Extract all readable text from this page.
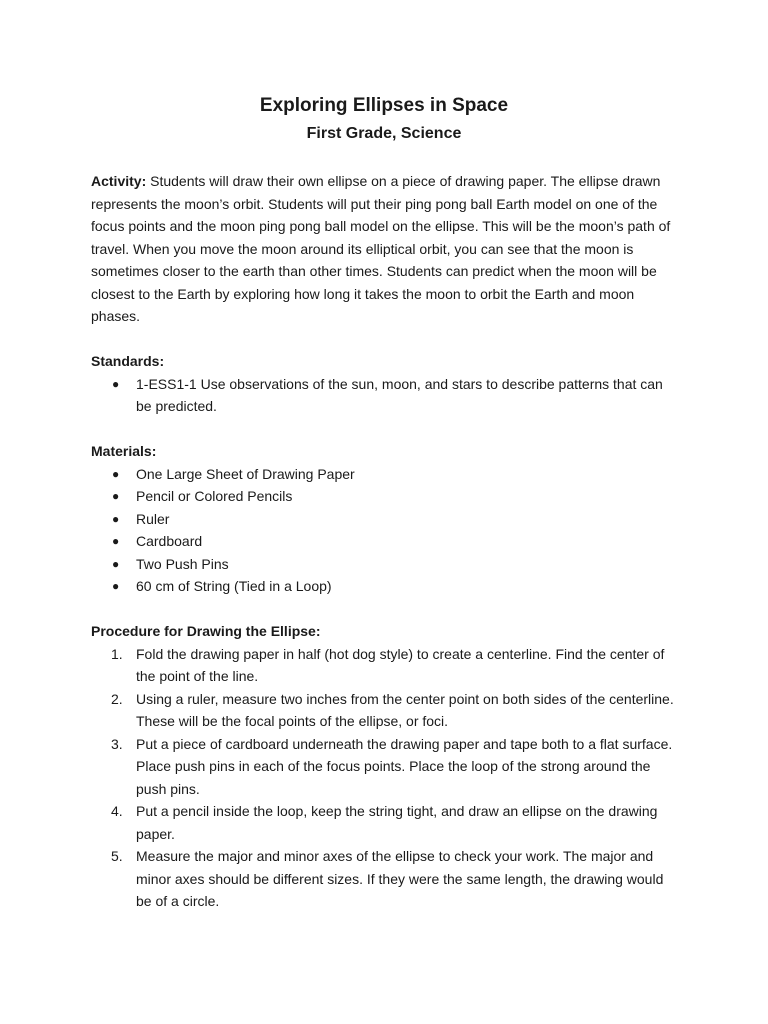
Exploring Ellipses in Space
First Grade, Science

Activity: Students will draw their own ellipse on a piece of drawing paper. The ellipse drawn represents the moon’s orbit. Students will put their ping pong ball Earth model on one of the focus points and the moon ping pong ball model on the ellipse. This will be the moon’s path of travel. When you move the moon around its elliptical orbit, you can see that the moon is sometimes closer to the earth than other times. Students can predict when the moon will be closest to the Earth by exploring how long it takes the moon to orbit the Earth and moon phases.

Standards:

● 1-ESS1-1 Use observations of the sun, moon, and stars to describe patterns that can be predicted.

Materials:

● One Large Sheet of Drawing Paper
● Pencil or Colored Pencils
● Ruler
● Cardboard
● Two Push Pins
● 60 cm of String (Tied in a Loop)

Procedure for Drawing the Ellipse:

1. Fold the drawing paper in half (hot dog style) to create a centerline. Find the center of the point of the line.
2. Using a ruler, measure two inches from the center point on both sides of the centerline. These will be the focal points of the ellipse, or foci.
3. Put a piece of cardboard underneath the drawing paper and tape both to a flat surface. Place push pins in each of the focus points. Place the loop of the strong around the push pins.
4. Put a pencil inside the loop, keep the string tight, and draw an ellipse on the drawing paper.
5. Measure the major and minor axes of the ellipse to check your work. The major and minor axes should be different sizes. If they were the same length, the drawing would be of a circle.
